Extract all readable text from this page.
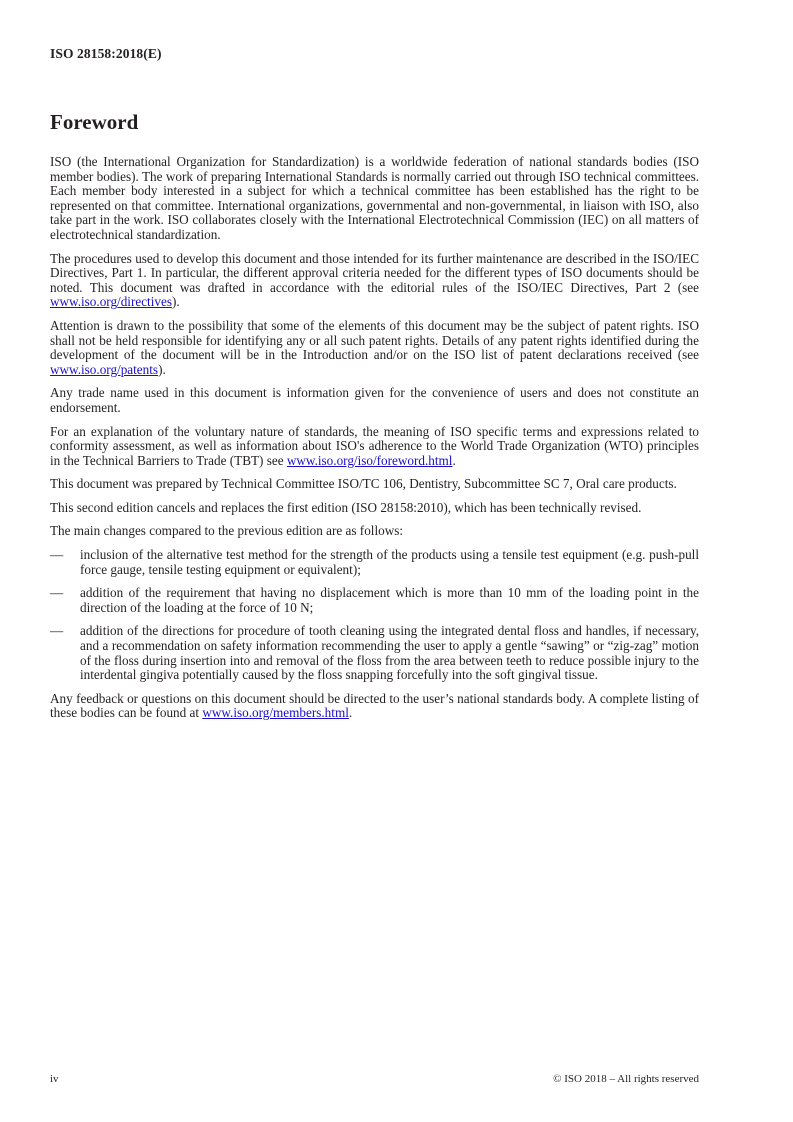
ISO 28158:2018(E)
Foreword

ISO (the International Organization for Standardization) is a worldwide federation of national standards bodies (ISO member bodies). The work of preparing International Standards is normally carried out through ISO technical committees. Each member body interested in a subject for which a technical committee has been established has the right to be represented on that committee. International organizations, governmental and non-governmental, in liaison with ISO, also take part in the work. ISO collaborates closely with the International Electrotechnical Commission (IEC) on all matters of electrotechnical standardization.

The procedures used to develop this document and those intended for its further maintenance are described in the ISO/IEC Directives, Part 1. In particular, the different approval criteria needed for the different types of ISO documents should be noted. This document was drafted in accordance with the editorial rules of the ISO/IEC Directives, Part 2 (see www.iso.org/directives).

Attention is drawn to the possibility that some of the elements of this document may be the subject of patent rights. ISO shall not be held responsible for identifying any or all such patent rights. Details of any patent rights identified during the development of the document will be in the Introduction and/or on the ISO list of patent declarations received (see www.iso.org/patents).

Any trade name used in this document is information given for the convenience of users and does not constitute an endorsement.

For an explanation of the voluntary nature of standards, the meaning of ISO specific terms and expressions related to conformity assessment, as well as information about ISO's adherence to the World Trade Organization (WTO) principles in the Technical Barriers to Trade (TBT) see www.iso.org/iso/foreword.html.

This document was prepared by Technical Committee ISO/TC 106, Dentistry, Subcommittee SC 7, Oral care products.

This second edition cancels and replaces the first edition (ISO 28158:2010), which has been technically revised.

The main changes compared to the previous edition are as follows:

— inclusion of the alternative test method for the strength of the products using a tensile test equipment (e.g. push-pull force gauge, tensile testing equipment or equivalent);
— addition of the requirement that having no displacement which is more than 10 mm of the loading point in the direction of the loading at the force of 10 N;
— addition of the directions for procedure of tooth cleaning using the integrated dental floss and handles, if necessary, and a recommendation on safety information recommending the user to apply a gentle “sawing” or “zig-zag” motion of the floss during insertion into and removal of the floss from the area between teeth to reduce possible injury to the interdental gingiva potentially caused by the floss snapping forcefully into the soft gingival tissue.

Any feedback or questions on this document should be directed to the user’s national standards body. A complete listing of these bodies can be found at www.iso.org/members.html.

iv	© ISO 2018 – All rights reserved
